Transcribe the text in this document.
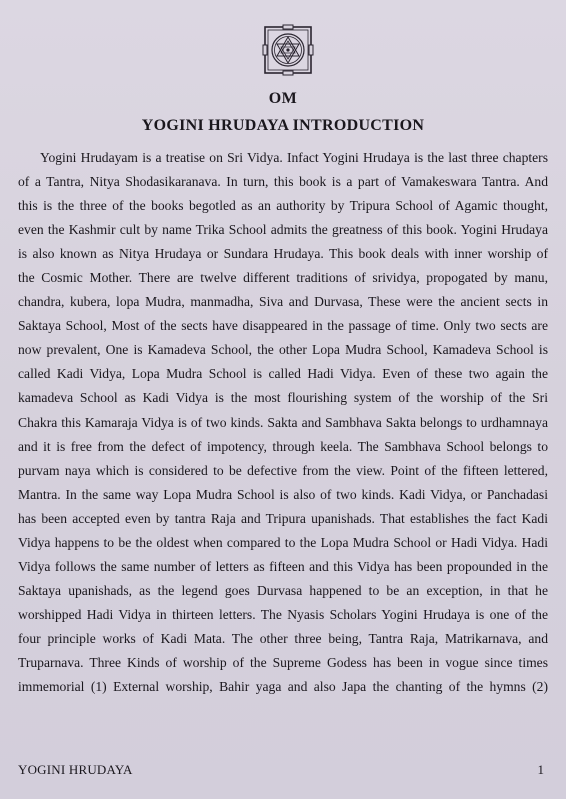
OM
YOGINI HRUDAYA INTRODUCTION
Yogini Hrudayam is a treatise on Sri Vidya. Infact Yogini Hrudaya is the last three chapters
of a Tantra, Nitya Shodasikaranava. In turn, this book is a part of Vamakeswara Tantra. And
this is the three of the books begotled as an authority by Tripura School of Agamic thought,
even the Kashmir cult by name Trika School admits the greatness of this book. Yogini Hrudaya
is also known as Nitya Hrudaya or Sundara Hrudaya. This book deals with inner worship of
the Cosmic Mother. There are twelve different traditions of srividya, propogated by manu,
chandra, kubera, lopa Mudra, manmadha, Siva and Durvasa, These were the ancient sects in
Saktaya School, Most of the sects have disappeared in the passage of time. Only two sects are
now prevalent, One is Kamadeva School, the other Lopa Mudra School, Kamadeva School is
called Kadi Vidya, Lopa Mudra School is called Hadi Vidya. Even of these two again the
kamadeva School as Kadi Vidya is the most flourishing system of the worship of the Sri
Chakra this Kamaraja Vidya is of two kinds. Sakta and Sambhava Sakta belongs to urdhamnaya
and it is free from the defect of impotency, through keela. The Sambhava School belongs to
purvam naya which is considered to be defective from the view. Point of the fifteen lettered,
Mantra. In the same way Lopa Mudra School is also of two kinds. Kadi Vidya, or Panchadasi
has been accepted even by tantra Raja and Tripura upanishads. That establishes the fact Kadi
Vidya happens to be the oldest when compared to the Lopa Mudra School or Hadi Vidya. Hadi
Vidya follows the same number of letters as fifteen and this Vidya has been propounded in the
Saktaya upanishads, as the legend goes Durvasa happened to be an exception, in that he
worshipped Hadi Vidya in thirteen letters. The Nyasis Scholars Yogini Hrudaya is one of the
four principle works of Kadi Mata. The other three being, Tantra Raja, Matrikarnava, and
Truparnava. Three Kinds of worship of the Supreme Godess has been in vogue since times
immemorial (1) External worship, Bahir yaga and also Japa the chanting of the hymns (2)
YOGINI HRUDAYA	1
